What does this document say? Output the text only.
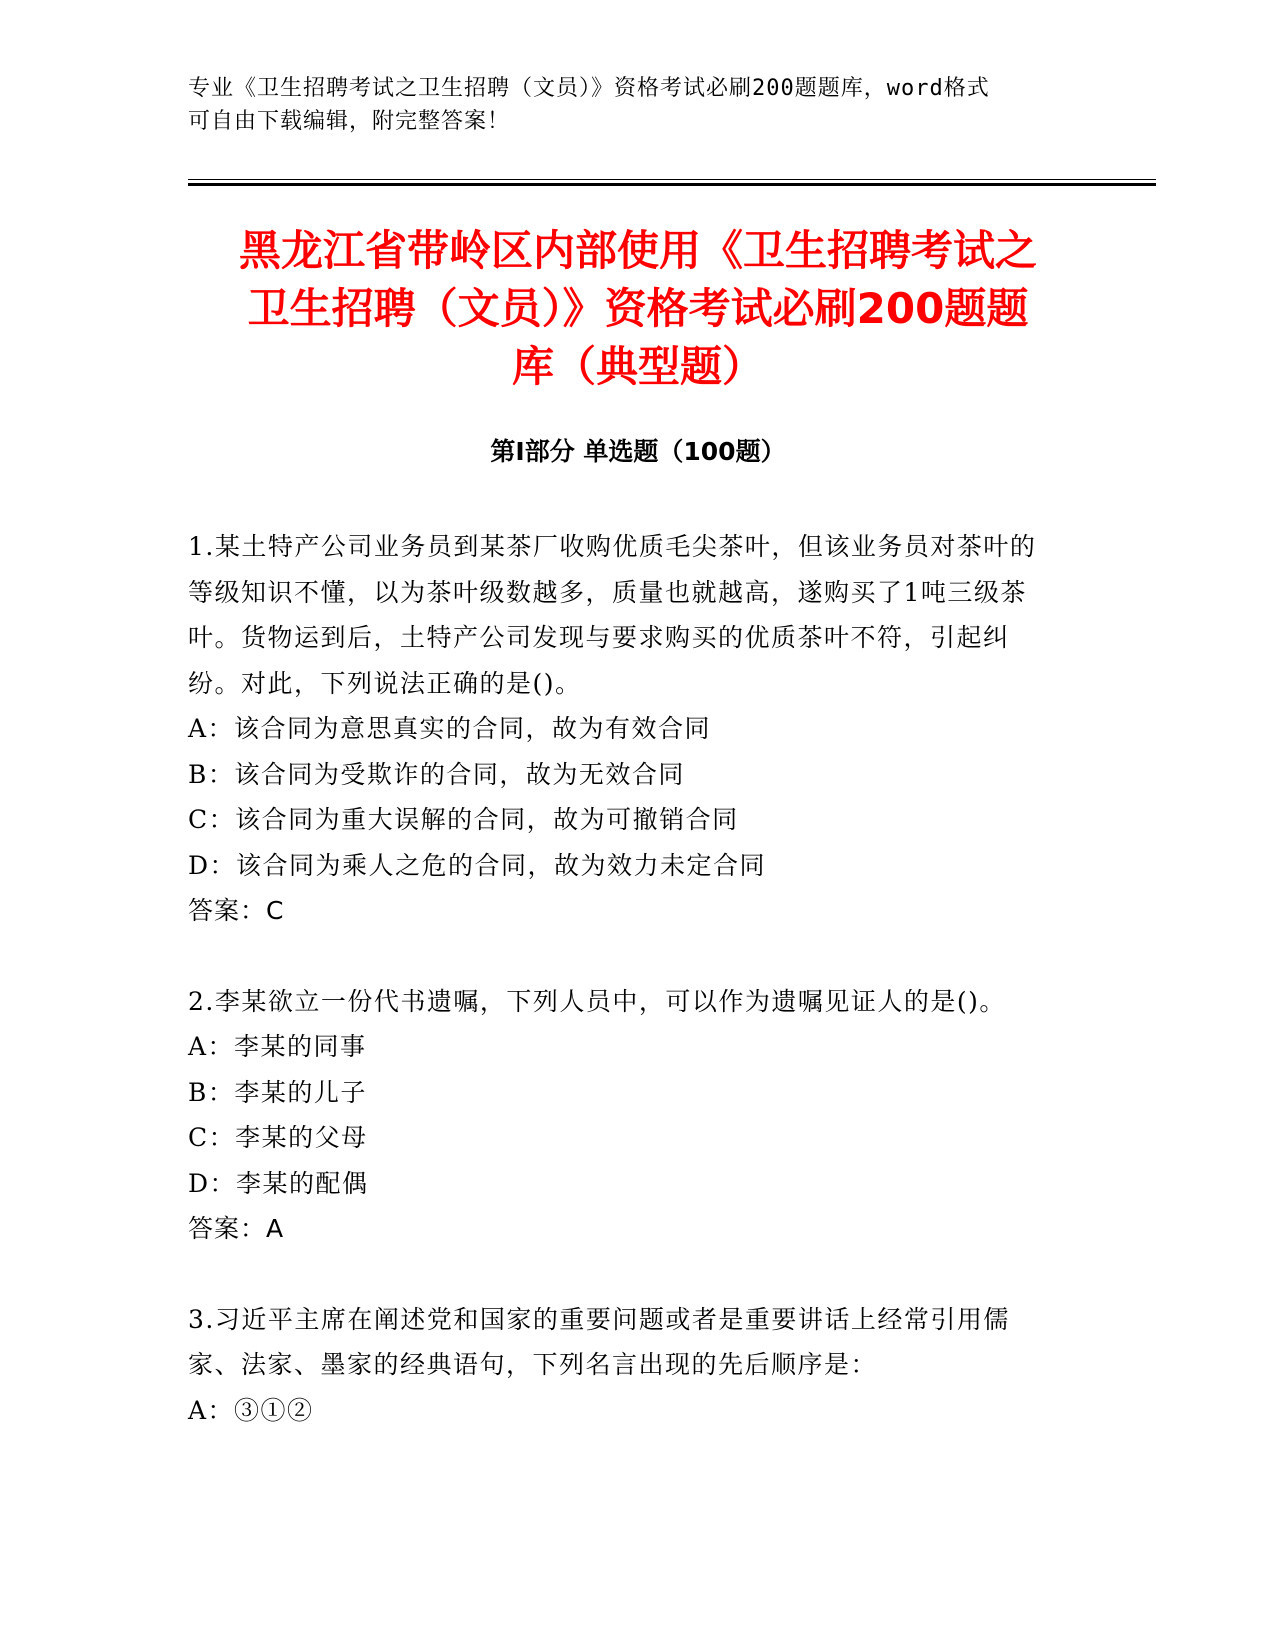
专业《卫生招聘考试之卫生招聘（文员）》资格考试必刷200题题库，word格式
可自由下载编辑，附完整答案！
黑龙江省带岭区内部使用《卫生招聘考试之
卫生招聘（文员）》资格考试必刷200题题
库（典型题）
第Ⅰ部分 单选题（100题）

1.某土特产公司业务员到某茶厂收购优质毛尖茶叶，但该业务员对茶叶的等级知识不懂，以为茶叶级数越多，质量也就越高，遂购买了1吨三级茶叶。货物运到后，土特产公司发现与要求购买的优质茶叶不符，引起纠纷。对此，下列说法正确的是()。

A：该合同为意思真实的合同，故为有效合同

B：该合同为受欺诈的合同，故为无效合同

C：该合同为重大误解的合同，故为可撤销合同

D：该合同为乘人之危的合同，故为效力未定合同

答案：C

2.李某欲立一份代书遗嘱，下列人员中，可以作为遗嘱见证人的是()。

A：李某的同事

B：李某的儿子

C：李某的父母

D：李某的配偶

答案：A

3.习近平主席在阐述党和国家的重要问题或者是重要讲话上经常引用儒家、法家、墨家的经典语句，下列名言出现的先后顺序是：

A：③①②
